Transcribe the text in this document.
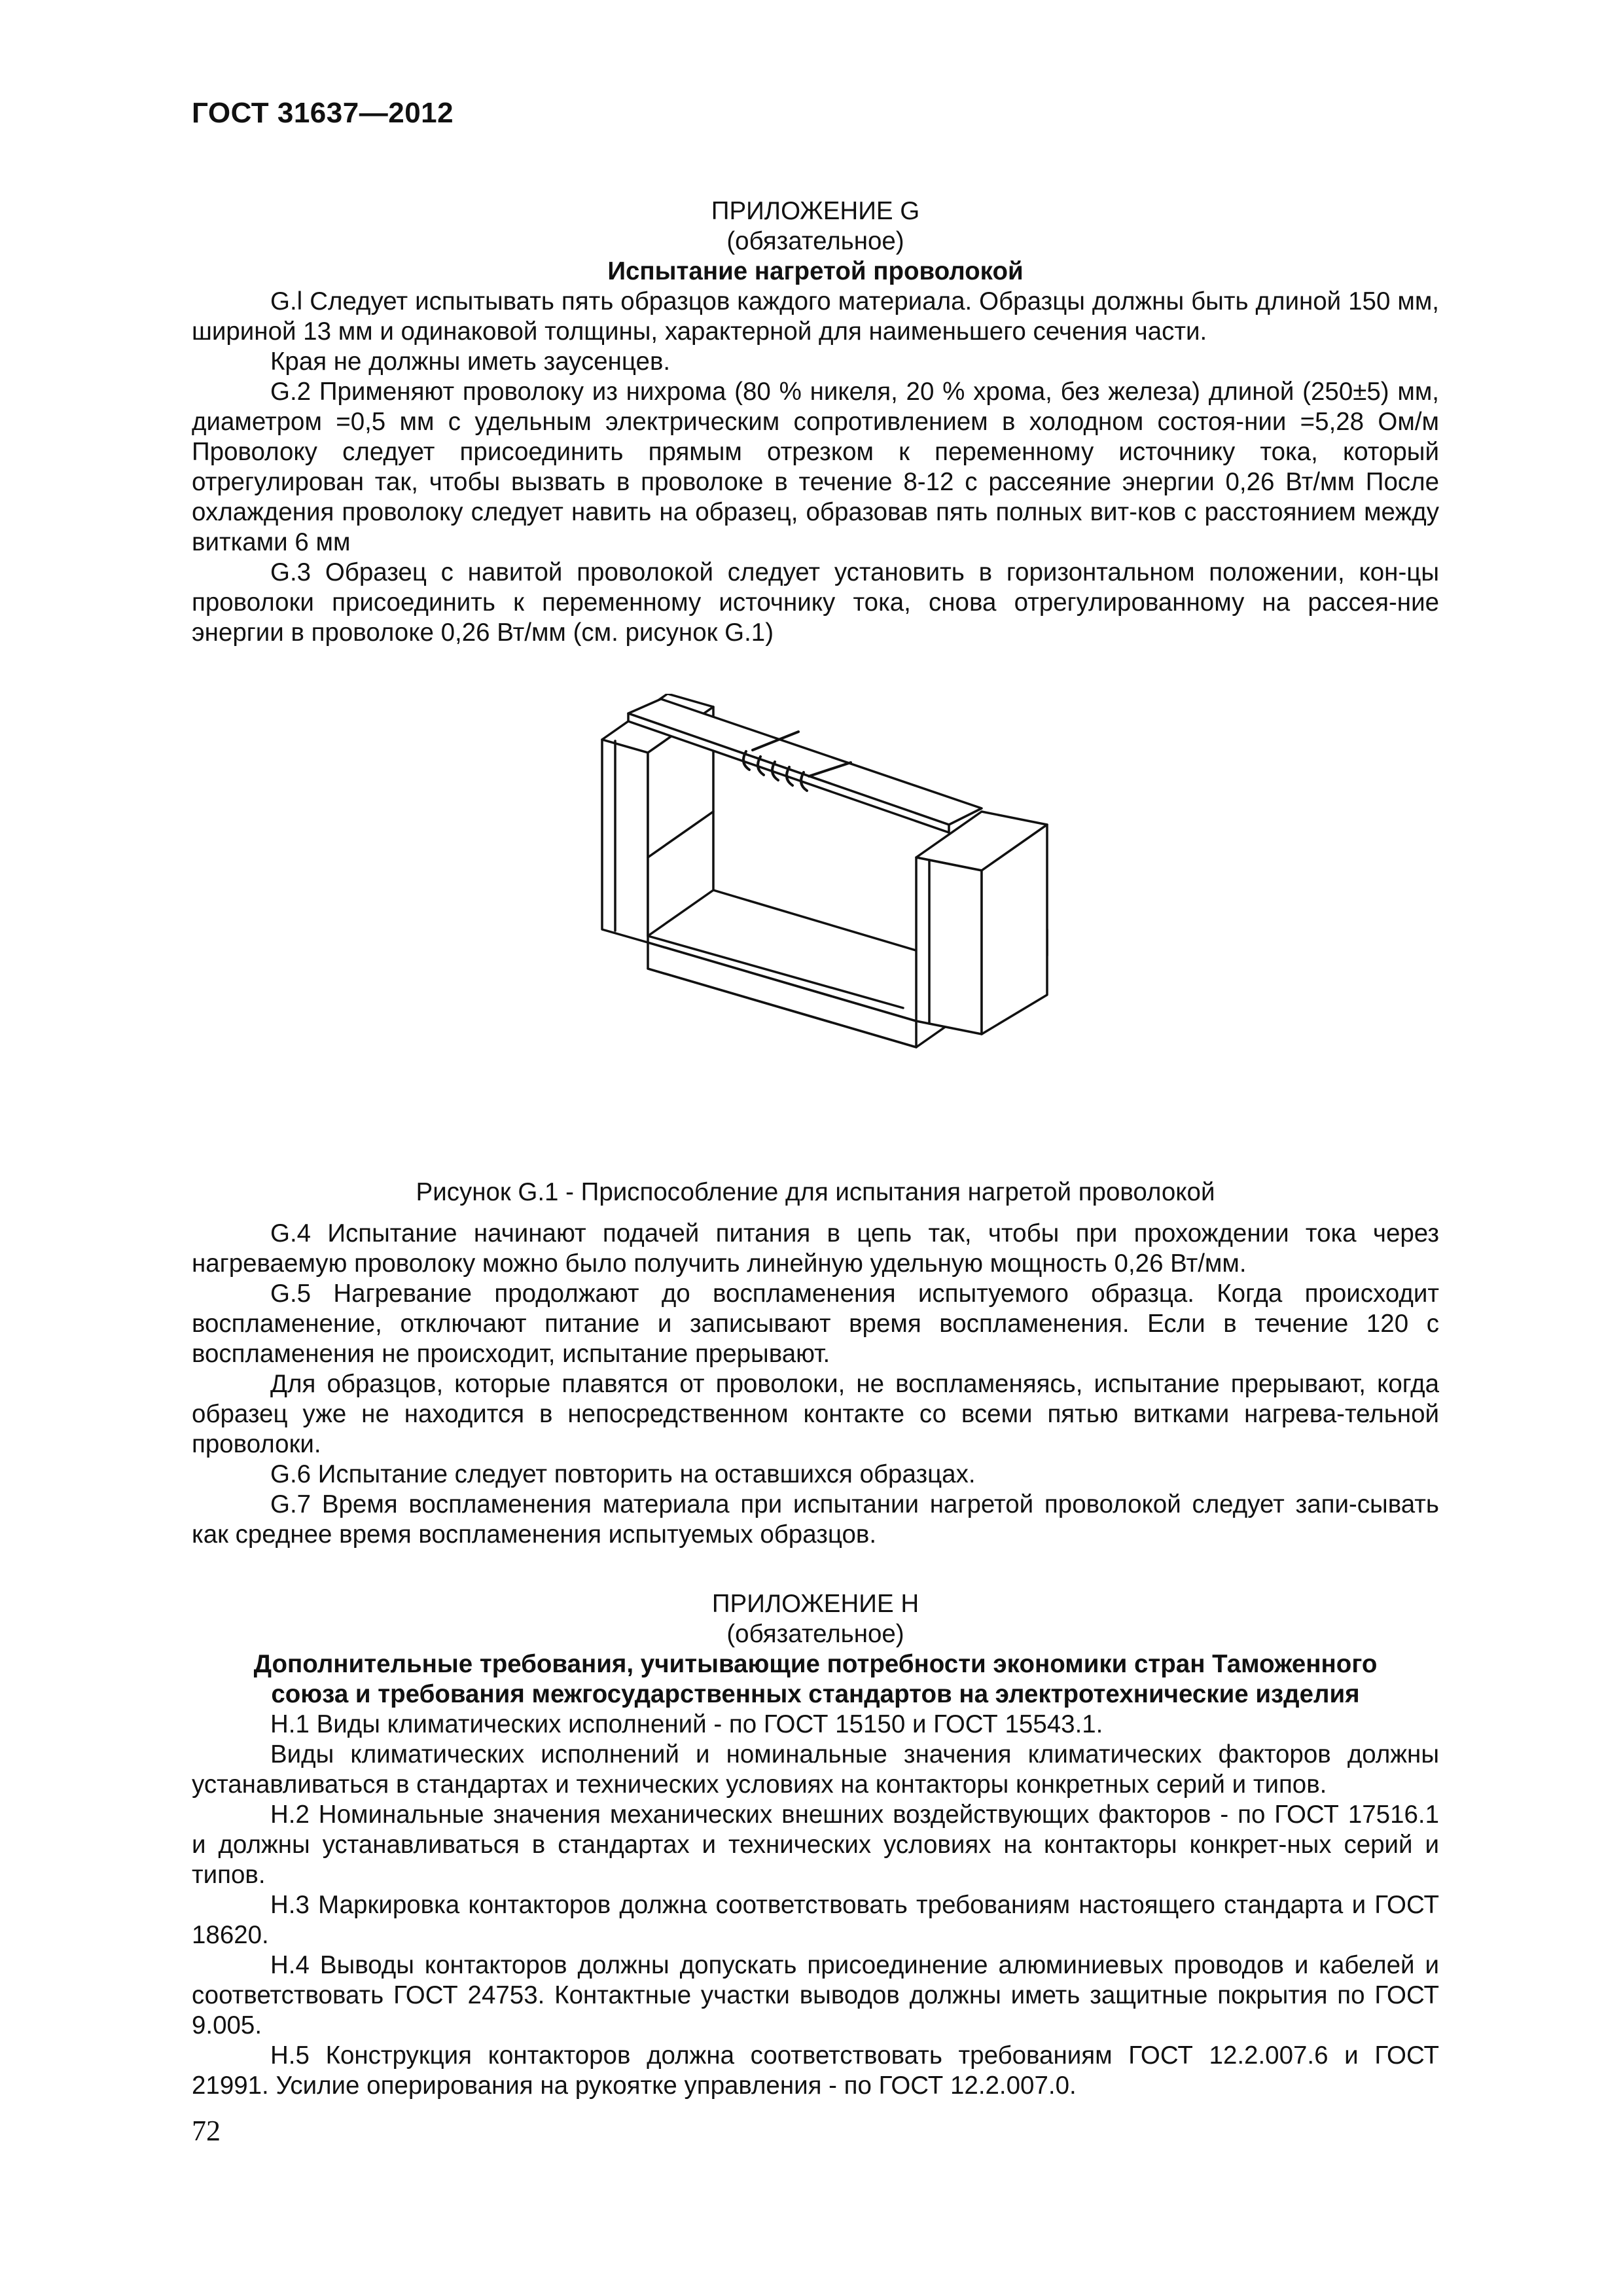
ГОСТ 31637—2012
ПРИЛОЖЕНИЕ G
(обязательное)
Испытание нагретой проволокой

G.l Следует испытывать пять образцов каждого материала. Образцы должны быть длиной 150 мм, шириной 13 мм и одинаковой толщины, характерной для наименьшего сечения части.

Края не должны иметь заусенцев.

G.2 Применяют проволоку из нихрома (80 % никеля, 20 % хрома, без железа) длиной (250±5) мм, диаметром =0,5 мм с удельным электрическим сопротивлением в холодном состоя-нии =5,28 Ом/м Проволоку следует присоединить прямым отрезком к переменному источнику тока, который отрегулирован так, чтобы вызвать в проволоке в течение 8-12 с рассеяние энергии 0,26 Вт/мм После охлаждения проволоку следует навить на образец, образовав пять полных вит-ков с расстоянием между витками 6 мм

G.3 Образец с навитой проволокой следует установить в горизонтальном положении, кон-цы проволоки присоединить к переменному источнику тока, снова отрегулированному на рассея-ние энергии в проволоке 0,26 Вт/мм (см. рисунок G.1)

Рисунок G.1 - Приспособление для испытания нагретой проволокой

G.4 Испытание начинают подачей питания в цепь так, чтобы при прохождении тока через нагреваемую проволоку можно было получить линейную удельную мощность 0,26 Вт/мм.

G.5 Нагревание продолжают до воспламенения испытуемого образца. Когда происходит воспламенение, отключают питание и записывают время воспламенения. Если в течение 120 с воспламенения не происходит, испытание прерывают.

Для образцов, которые плавятся от проволоки, не воспламеняясь, испытание прерывают, когда образец уже не находится в непосредственном контакте со всеми пятью витками нагрева-тельной проволоки.

G.6 Испытание следует повторить на оставшихся образцах.

G.7 Время воспламенения материала при испытании нагретой проволокой следует запи-сывать как среднее время воспламенения испытуемых образцов.

ПРИЛОЖЕНИЕ H
(обязательное)
Дополнительные требования, учитывающие потребности экономики стран Таможенного
союза и требования межгосударственных стандартов на электротехнические изделия

H.1 Виды климатических исполнений - по ГОСТ 15150 и ГОСТ 15543.1.

Виды климатических исполнений и номинальные значения климатических факторов должны устанавливаться в стандартах и технических условиях на контакторы конкретных серий и типов.

H.2 Номинальные значения механических внешних воздействующих факторов - по ГОСТ 17516.1 и должны устанавливаться в стандартах и технических условиях на контакторы конкрет-ных серий и типов.

H.3 Маркировка контакторов должна соответствовать требованиям настоящего стандарта и ГОСТ 18620.

H.4 Выводы контакторов должны допускать присоединение алюминиевых проводов и кабелей и соответствовать ГОСТ 24753. Контактные участки выводов должны иметь защитные покрытия по ГОСТ 9.005.

H.5 Конструкция контакторов должна соответствовать требованиям ГОСТ 12.2.007.6 и ГОСТ 21991. Усилие оперирования на рукоятке управления - по ГОСТ 12.2.007.0.

72
